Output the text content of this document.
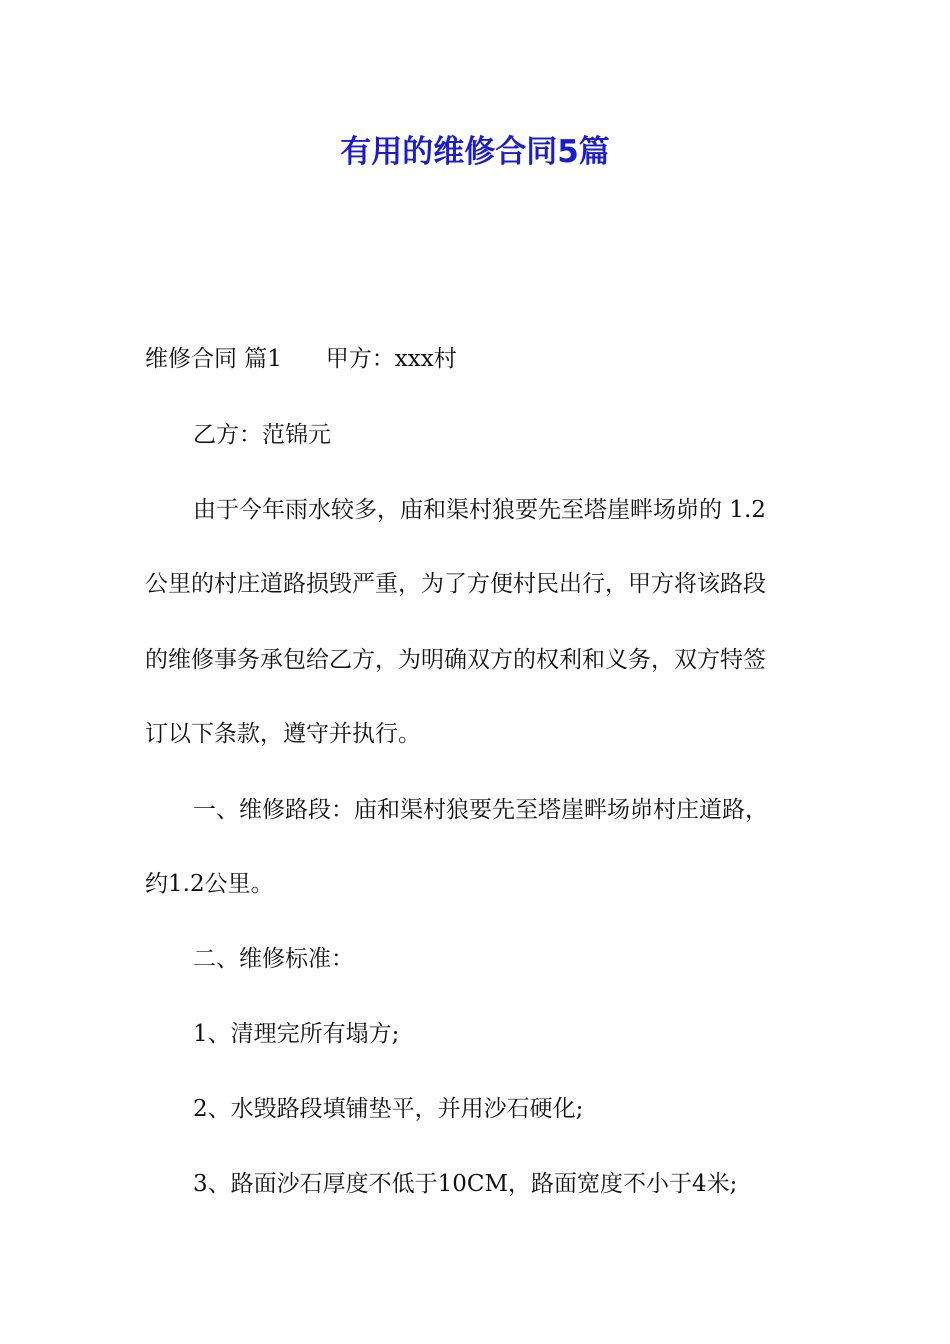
有用的维修合同5篇

维修合同 篇1      甲方：xxx村

乙方：范锦元

由于今年雨水较多，庙和渠村狼要先至塔崖畔场峁的 1.2

公里的村庄道路损毁严重，为了方便村民出行，甲方将该路段

的维修事务承包给乙方，为明确双方的权利和义务，双方特签

订以下条款，遵守并执行。

一、维修路段：庙和渠村狼要先至塔崖畔场峁村庄道路，

约1.2公里。

二、维修标准：

1、清理完所有塌方;

2、水毁路段填铺垫平，并用沙石硬化;

3、路面沙石厚度不低于10CM，路面宽度不小于4米;
